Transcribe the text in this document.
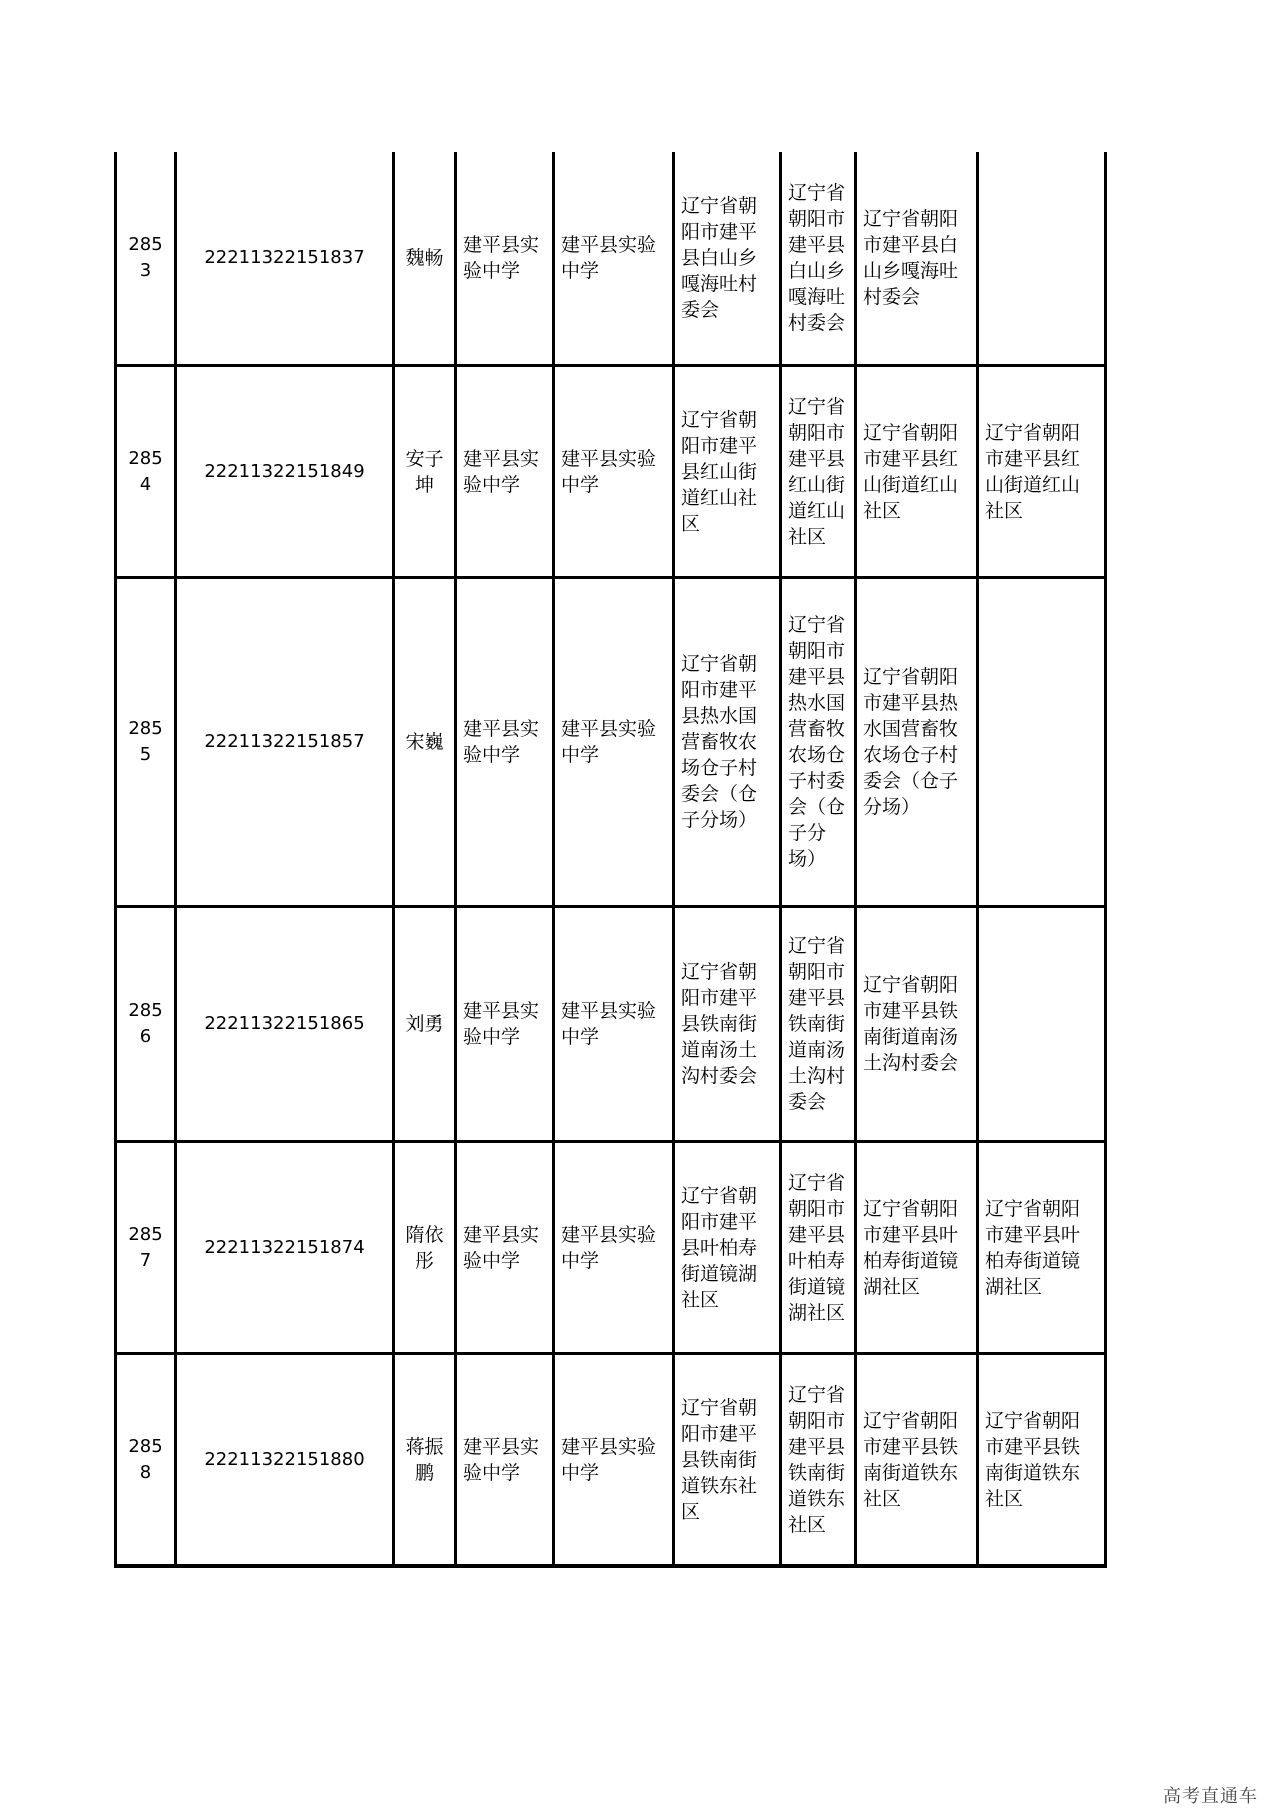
2853	22211322151837	魏畅	建平县实验中学	建平县实验中学	辽宁省朝阳市建平县白山乡嘎海吐村委会	辽宁省朝阳市建平县白山乡嘎海吐村委会	辽宁省朝阳市建平县白山乡嘎海吐村委会	
2854	22211322151849	安子坤	建平县实验中学	建平县实验中学	辽宁省朝阳市建平县红山街道红山社区	辽宁省朝阳市建平县红山街道红山社区	辽宁省朝阳市建平县红山街道红山社区	辽宁省朝阳市建平县红山街道红山社区
2855	22211322151857	宋巍	建平县实验中学	建平县实验中学	辽宁省朝阳市建平县热水国营畜牧农场仓子村委会（仓子分场）	辽宁省朝阳市建平县热水国营畜牧农场仓子村委会（仓子分场）	辽宁省朝阳市建平县热水国营畜牧农场仓子村委会（仓子分场）	
2856	22211322151865	刘勇	建平县实验中学	建平县实验中学	辽宁省朝阳市建平县铁南街道南汤土沟村委会	辽宁省朝阳市建平县铁南街道南汤土沟村委会	辽宁省朝阳市建平县铁南街道南汤土沟村委会	
2857	22211322151874	隋依彤	建平县实验中学	建平县实验中学	辽宁省朝阳市建平县叶柏寿街道镜湖社区	辽宁省朝阳市建平县叶柏寿街道镜湖社区	辽宁省朝阳市建平县叶柏寿街道镜湖社区	辽宁省朝阳市建平县叶柏寿街道镜湖社区
2858	22211322151880	蒋振鹏	建平县实验中学	建平县实验中学	辽宁省朝阳市建平县铁南街道铁东社区	辽宁省朝阳市建平县铁南街道铁东社区	辽宁省朝阳市建平县铁南街道铁东社区	辽宁省朝阳市建平县铁南街道铁东社区
高考直通车
